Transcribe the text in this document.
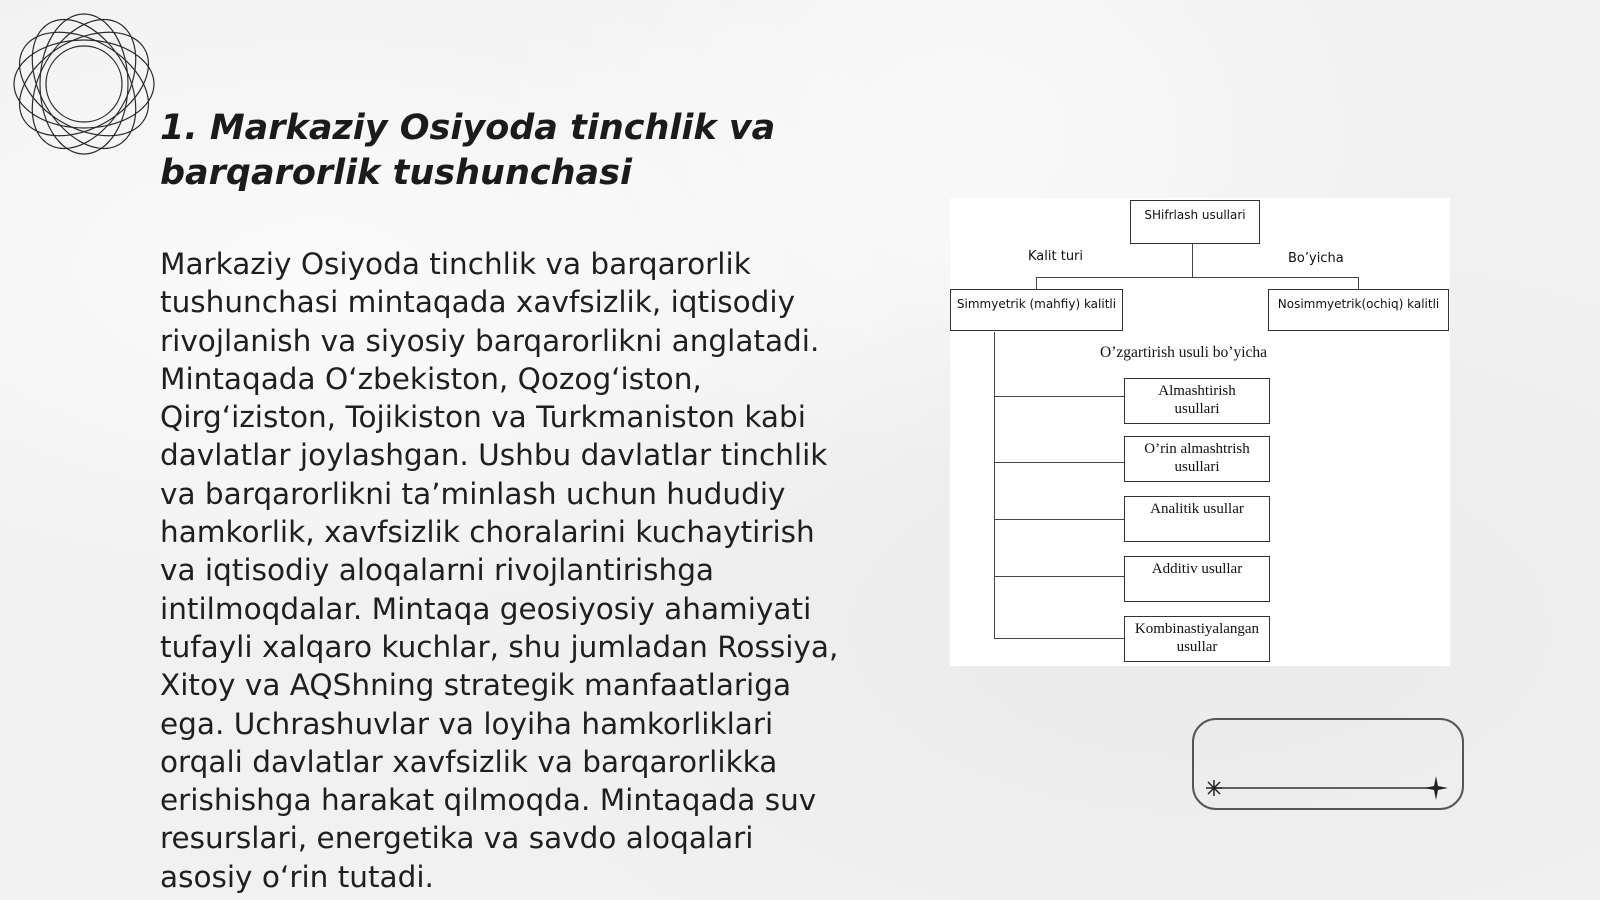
1. Markaziy Osiyoda tinchlik va barqarorlik tushunchasi

Markaziy Osiyoda tinchlik va barqarorlik tushunchasi mintaqada xavfsizlik, iqtisodiy rivojlanish va siyosiy barqarorlikni anglatadi. Mintaqada O‘zbekiston, Qozog‘iston, Qirg‘iziston, Tojikiston va Turkmaniston kabi davlatlar joylashgan. Ushbu davlatlar tinchlik va barqarorlikni ta’minlash uchun hududiy hamkorlik, xavfsizlik choralarini kuchaytirish va iqtisodiy aloqalarni rivojlantirishga intilmoqdalar. Mintaqa geosiyosiy ahamiyati tufayli xalqaro kuchlar, shu jumladan Rossiya, Xitoy va AQShning strategik manfaatlariga ega. Uchrashuvlar va loyiha hamkorliklari orqali davlatlar xavfsizlik va barqarorlikka erishishga harakat qilmoqda. Mintaqada suv resurslari, energetika va savdo aloqalari asosiy o‘rin tutadi.

SHifrlash usullari
Kalit turi	Bo’yicha
Simmyetrik (mahfiy) kalitli	Nosimmyetrik(ochiq) kalitli
O’zgartirish usuli bo’yicha
Almashtirish
usullari
O’rin almashtrish
usullari
Analitik usullar
Additiv usullar
Kombinastiyalangan
usullar
